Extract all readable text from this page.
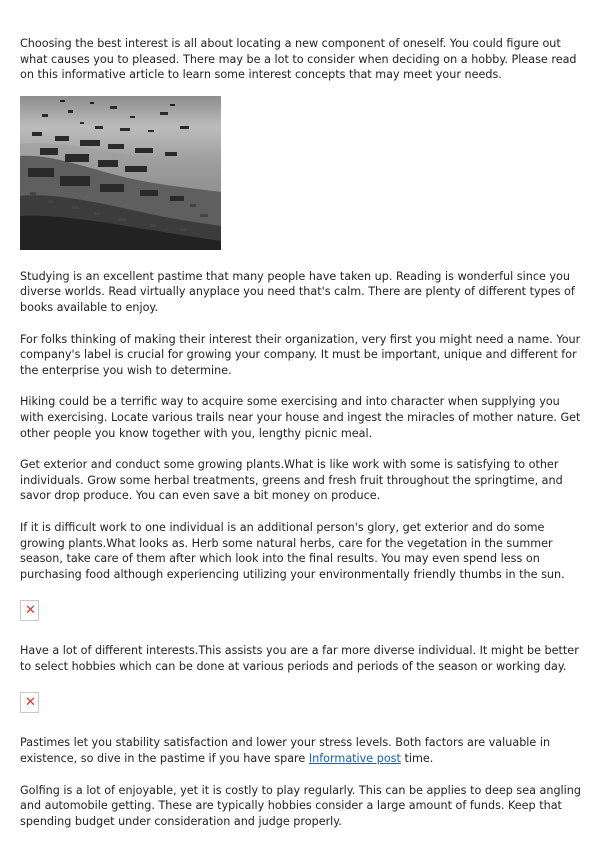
Choosing the best interest is all about locating a new component of oneself. You could figure out what causes you to pleased. There may be a lot to consider when deciding on a hobby. Please read on this informative article to learn some interest concepts that may meet your needs.

Studying is an excellent pastime that many people have taken up. Reading is wonderful since you diverse worlds. Read virtually anyplace you need that's calm. There are plenty of different types of books available to enjoy.

For folks thinking of making their interest their organization, very first you might need a name. Your company's label is crucial for growing your company. It must be important, unique and different for the enterprise you wish to determine.

Hiking could be a terrific way to acquire some exercising and into character when supplying you with exercising. Locate various trails near your house and ingest the miracles of mother nature. Get other people you know together with you, lengthy picnic meal.

Get exterior and conduct some growing plants.What is like work with some is satisfying to other individuals. Grow some herbal treatments, greens and fresh fruit throughout the springtime, and savor drop produce. You can even save a bit money on produce.

If it is difficult work to one individual is an additional person's glory, get exterior and do some growing plants.What looks as. Herb some natural herbs, care for the vegetation in the summer season, take care of them after which look into the final results. You may even spend less on purchasing food although experiencing utilizing your environmentally friendly thumbs in the sun.

✕

Have a lot of different interests.This assists you are a far more diverse individual. It might be better to select hobbies which can be done at various periods and periods of the season or working day.

✕

Pastimes let you stability satisfaction and lower your stress levels. Both factors are valuable in existence, so dive in the pastime if you have spare Informative post time.

Golfing is a lot of enjoyable, yet it is costly to play regularly. This can be applies to deep sea angling and automobile getting. These are typically hobbies consider a large amount of funds. Keep that spending budget under consideration and judge properly.
